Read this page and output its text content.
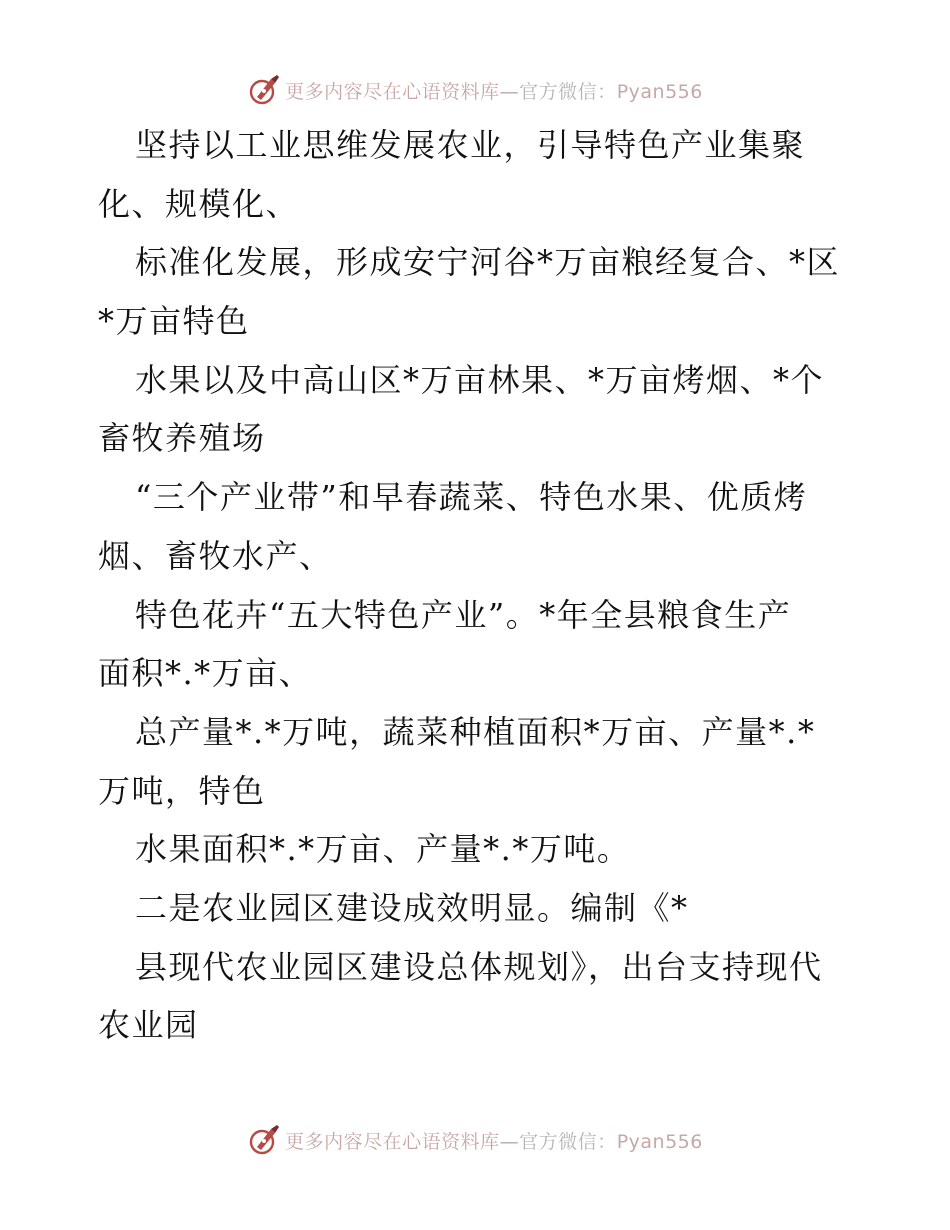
更多内容尽在心语资料库—官方微信：Pyan556
坚持以工业思维发展农业，引导特色产业集聚
化、规模化、
标准化发展，形成安宁河谷*万亩粮经复合、*区
*万亩特色
水果以及中高山区*万亩林果、*万亩烤烟、*个
畜牧养殖场
“三个产业带”和早春蔬菜、特色水果、优质烤
烟、畜牧水产、
特色花卉“五大特色产业”。*年全县粮食生产
面积*.*万亩、
总产量*.*万吨，蔬菜种植面积*万亩、产量*.*
万吨，特色
水果面积*.*万亩、产量*.*万吨。
二是农业园区建设成效明显。编制《*
县现代农业园区建设总体规划》，出台支持现代
农业园
更多内容尽在心语资料库—官方微信：Pyan556
